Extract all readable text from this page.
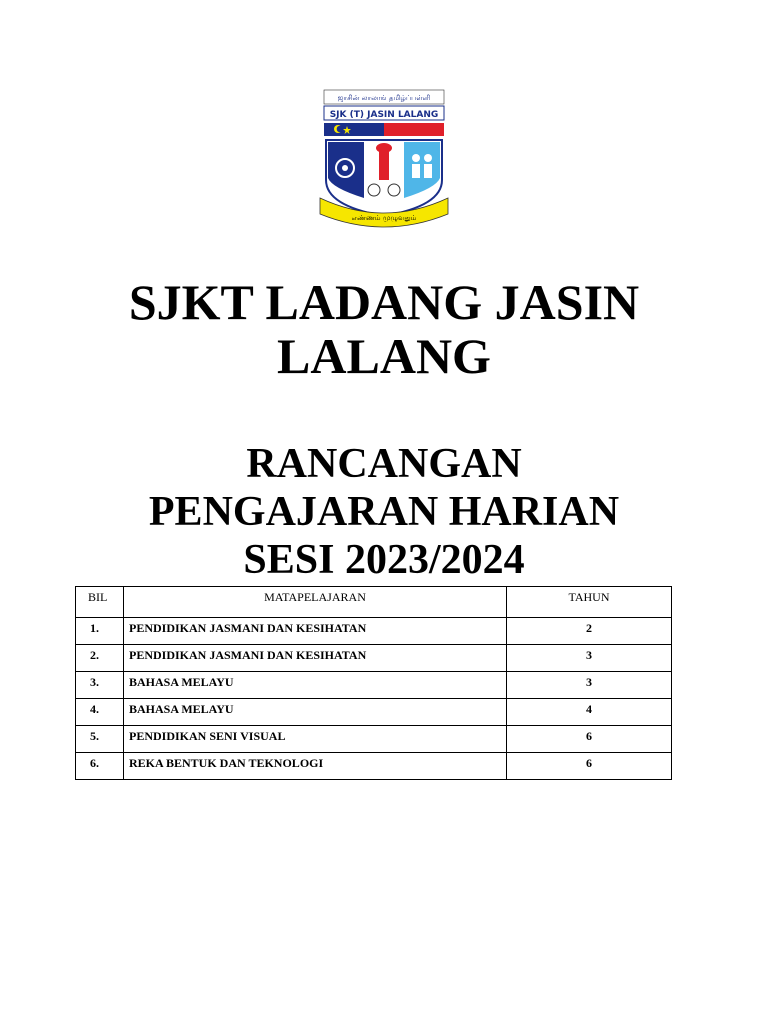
ஜாசின் லாலாங் தமிழ்ப்பள்ளி
SJK (T) JASIN LALANG
எண்ணம் முழுவதும்
SJKT LADANG JASIN
LALANG
RANCANGAN
PENGAJARAN HARIAN
SESI 2023/2024
BIL	MATAPELAJARAN	TAHUN
1.	PENDIDIKAN JASMANI DAN KESIHATAN	2
2.	PENDIDIKAN JASMANI DAN KESIHATAN	3
3.	BAHASA MELAYU	3
4.	BAHASA MELAYU	4
5.	PENDIDIKAN SENI VISUAL	6
6.	REKA BENTUK DAN TEKNOLOGI	6
